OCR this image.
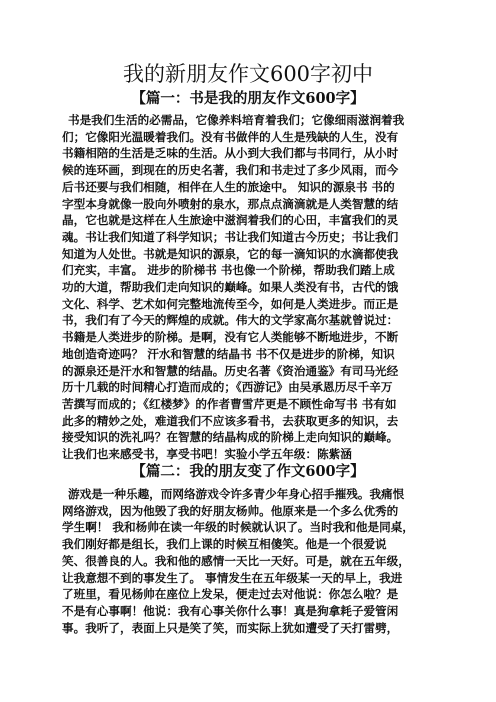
我的新朋友作文600字初中
【篇一：书是我的朋友作文600字】
书是我们生活的必需品，它像养料培育着我们；它像细雨滋润着我
们；它像阳光温暖着我们。没有书做伴的人生是残缺的人生，没有
书籍相陪的生活是乏味的生活。从小到大我们都与书同行，从小时
候的连环画，到现在的历史名著，我们和书走过了多少风雨，而今
后书还要与我们相随，相伴在人生的旅途中。 知识的源泉书 书的
字型本身就像一股向外喷射的泉水，那点点滴滴就是人类智慧的结
晶，它也就是这样在人生旅途中滋润着我们的心田，丰富我们的灵
魂。书让我们知道了科学知识；书让我们知道古今历史；书让我们
知道为人处世。书就是知识的源泉，它的每一滴知识的水滴都使我
们充实，丰富。 进步的阶梯书 书也像一个阶梯，帮助我们踏上成
功的大道，帮助我们走向知识的巅峰。如果人类没有书，古代的饿
文化、科学、艺术如何完整地流传至今，如何是人类进步。而正是
书，我们有了今天的辉煌的成就。伟大的文学家高尔基就曾说过：
书籍是人类进步的阶梯。是啊，没有它人类能够不断地进步，不断
地创造奇迹吗？ 汗水和智慧的结晶书 书不仅是进步的阶梯，知识
的源泉还是汗水和智慧的结晶。历史名著《资治通鉴》有司马光经
历十几载的时间精心打造而成的；《西游记》由吴承恩历尽千辛万
苦撰写而成的；《红楼梦》的作者曹雪芹更是不顾性命写书 书有如
此多的精妙之处，难道我们不应该多看书，去获取更多的知识，去
接受知识的洗礼吗？在智慧的结晶构成的阶梯上走向知识的巅峰。
让我们也来感受书，享受书吧！实验小学五年级：陈紫涵
【篇二：我的朋友变了作文600字】
游戏是一种乐趣，而网络游戏令许多青少年身心招手摧残。我痛恨
网络游戏，因为他毁了我的好朋友杨帅。他原来是一个多么优秀的
学生啊！ 我和杨帅在读一年级的时候就认识了。当时我和他是同桌，
我们刚好都是组长，我们上课的时候互相傻笑。他是一个很爱说
笑、很善良的人。我和他的感情一天比一天好。可是，就在五年级，
让我意想不到的事发生了。 事情发生在五年级某一天的早上，我进
了班里，看见杨帅在座位上发呆，便走过去对他说：你怎么啦？是
不是有心事啊！他说：我有心事关你什么事！真是狗拿耗子爱管闲
事。我听了，表面上只是笑了笑，而实际上犹如遭受了天打雷劈，
